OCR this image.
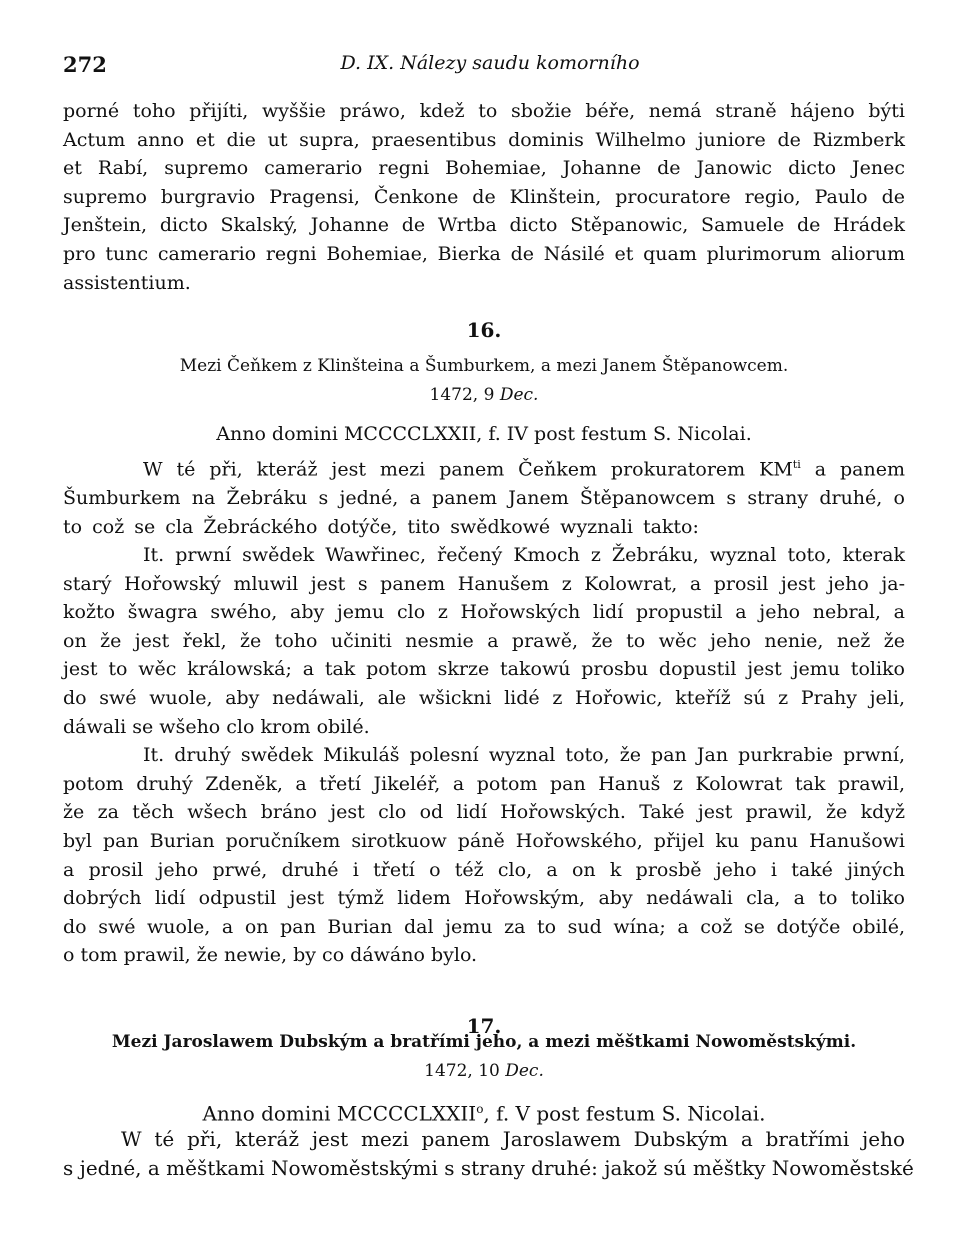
272	D. IX. Nálezy saudu komorního
porné toho přijíti, wyššie práwo, kdež to sbožie béře, nemá straně hájeno býti
Actum anno et die ut supra, praesentibus dominis Wilhelmo juniore de Rizmberk
et Rabí, supremo camerario regni Bohemiae, Johanne de Janowic dicto Jenec
supremo burgravio Pragensi, Čenkone de Klinštein, procuratore regio, Paulo de
Jenštein, dicto Skalský, Johanne de Wrtba dicto Stěpanowic, Samuele de Hrádek
pro tunc camerario regni Bohemiae, Bierka de Násilé et quam plurimorum aliorum
assistentium.
16.
Mezi Čeňkem z Klinšteina a Šumburkem, a mezi Janem Štěpanowcem.
1472, 9 Dec.
Anno domini MCCCCLXXII, f. IV post festum S. Nicolai.
W té při, kteráž jest mezi panem Čeňkem prokuratorem $KM^{ti}$ a panem
Šumburkem na Žebráku s jedné, a panem Janem Štěpanowcem s strany druhé, o
to což se cla Žebráckého dotýče, tito swědkowé wyznali takto:
It. prwní swědek Wawřinec, řečený Kmoch z Žebráku, wyznal toto, kterak
starý Hořowský mluwil jest s panem Hanušem z Kolowrat, a prosil jest jeho ja-
kožto šwagra swého, aby jemu clo z Hořowských lidí propustil a jeho nebral, a
on že jest řekl, že toho učiniti nesmie a prawě, že to wěc jeho nenie, než že
jest to wěc králowská; a tak potom skrze takowú prosbu dopustil jest jemu toliko
do swé wuole, aby nedáwali, ale wšickni lidé z Hořowic, kteříž sú z Prahy jeli,
dáwali se wšeho clo krom obilé.
It. druhý swědek Mikuláš polesní wyznal toto, že pan Jan purkrabie prwní,
potom druhý Zdeněk, a třetí Jikeléř, a potom pan Hanuš z Kolowrat tak prawil,
že za těch wšech bráno jest clo od lidí Hořowských. Také jest prawil, že když
byl pan Burian poručníkem sirotkuow páně Hořowského, přijel ku panu Hanušowi
a prosil jeho prwé, druhé i třetí o též clo, a on k prosbě jeho i také jiných
dobrých lidí odpustil jest týmž lidem Hořowským, aby nedáwali cla, a to toliko
do swé wuole, a on pan Burian dal jemu za to sud wína; a což se dotýče obilé,
o tom prawil, že newie, by co dáwáno bylo.
17.
Mezi Jaroslawem Dubským a bratřími jeho, a mezi měštkami Nowoměstskými.
1472, 10 Dec.
Anno domini MCCCCLXXII$^o$, f. V post festum S. Nicolai.
W té při, kteráž jest mezi panem Jaroslawem Dubským a bratřími jeho
s jedné, a měštkami Nowoměstskými s strany druhé: jakož sú měštky Nowoměstské
